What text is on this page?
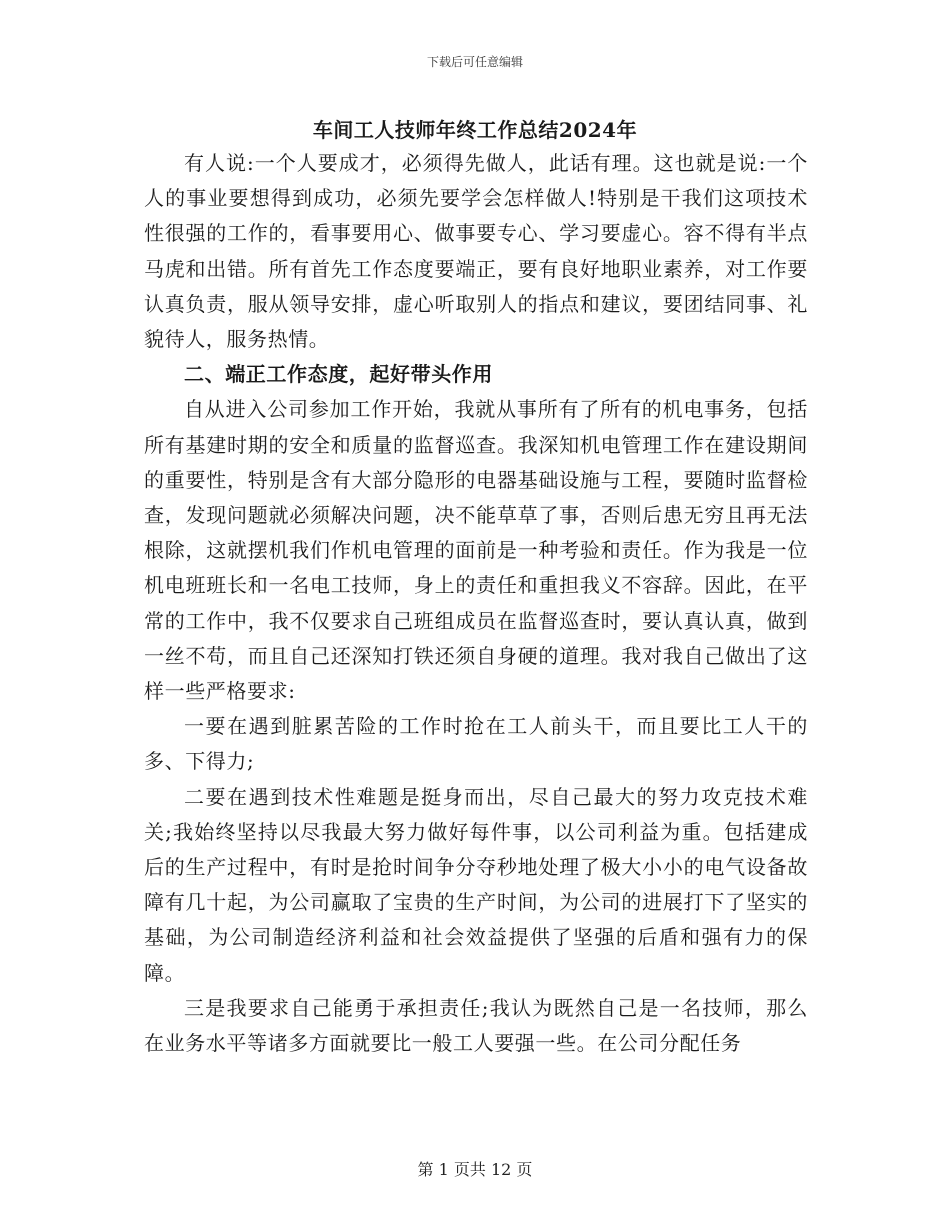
下载后可任意编辑
车间工人技师年终工作总结2024年

有人说:一个人要成才，必须得先做人，此话有理。这也就是说:一个人的事业要想得到成功，必须先要学会怎样做人!特别是干我们这项技术性很强的工作的，看事要用心、做事要专心、学习要虚心。容不得有半点马虎和出错。所有首先工作态度要端正，要有良好地职业素养，对工作要认真负责，服从领导安排，虚心听取别人的指点和建议，要团结同事、礼貌待人，服务热情。

二、端正工作态度，起好带头作用

自从进入公司参加工作开始，我就从事所有了所有的机电事务，包括所有基建时期的安全和质量的监督巡查。我深知机电管理工作在建设期间的重要性，特别是含有大部分隐形的电器基础设施与工程，要随时监督检查，发现问题就必须解决问题，决不能草草了事，否则后患无穷且再无法根除，这就摆机我们作机电管理的面前是一种考验和责任。作为我是一位机电班班长和一名电工技师，身上的责任和重担我义不容辞。因此，在平常的工作中，我不仅要求自己班组成员在监督巡查时，要认真认真，做到一丝不苟，而且自己还深知打铁还须自身硬的道理。我对我自己做出了这样一些严格要求:

一要在遇到脏累苦险的工作时抢在工人前头干，而且要比工人干的多、下得力;

二要在遇到技术性难题是挺身而出，尽自己最大的努力攻克技术难关;我始终坚持以尽我最大努力做好每件事，以公司利益为重。包括建成后的生产过程中，有时是抢时间争分夺秒地处理了极大小小的电气设备故障有几十起，为公司赢取了宝贵的生产时间，为公司的进展打下了坚实的基础，为公司制造经济利益和社会效益提供了坚强的后盾和强有力的保障。

三是我要求自己能勇于承担责任;我认为既然自己是一名技师，那么在业务水平等诸多方面就要比一般工人要强一些。在公司分配任务

第 1 页共 12 页
